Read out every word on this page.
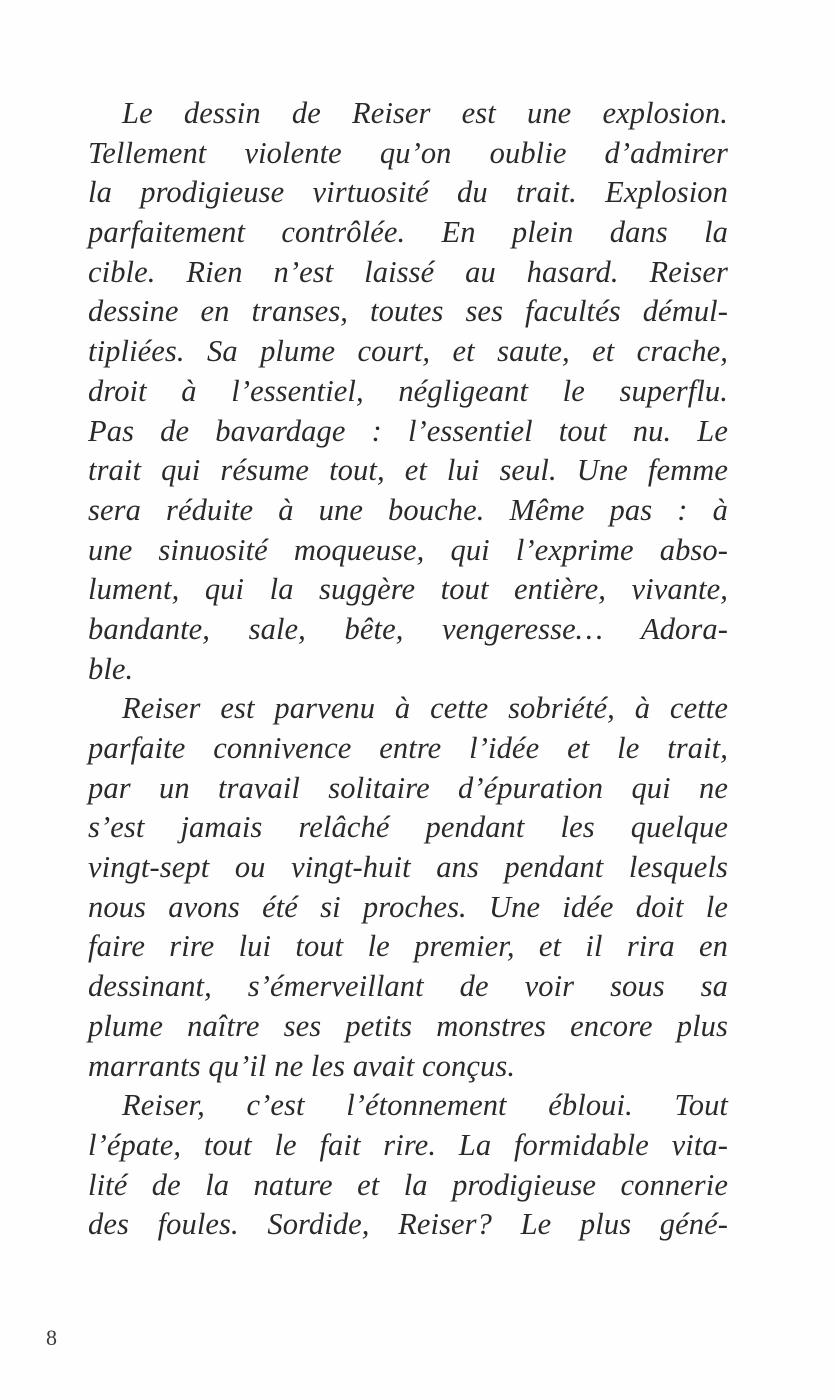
Le dessin de Reiser est une explosion.
Tellement violente qu’on oublie d’admirer
la prodigieuse virtuosité du trait. Explosion
parfaitement contrôlée. En plein dans la
cible. Rien n’est laissé au hasard. Reiser
dessine en transes, toutes ses facultés démul-
tipliées. Sa plume court, et saute, et crache,
droit à l’essentiel, négligeant le superflu.
Pas de bavardage : l’essentiel tout nu. Le
trait qui résume tout, et lui seul. Une femme
sera réduite à une bouche. Même pas : à
une sinuosité moqueuse, qui l’exprime abso-
lument, qui la suggère tout entière, vivante,
bandante, sale, bête, vengeresse… Adora-
ble.
Reiser est parvenu à cette sobriété, à cette
parfaite connivence entre l’idée et le trait,
par un travail solitaire d’épuration qui ne
s’est jamais relâché pendant les quelque
vingt-sept ou vingt-huit ans pendant lesquels
nous avons été si proches. Une idée doit le
faire rire lui tout le premier, et il rira en
dessinant, s’émerveillant de voir sous sa
plume naître ses petits monstres encore plus
marrants qu’il ne les avait conçus.
Reiser, c’est l’étonnement ébloui. Tout
l’épate, tout le fait rire. La formidable vita-
lité de la nature et la prodigieuse connerie
des foules. Sordide, Reiser? Le plus géné-
8
